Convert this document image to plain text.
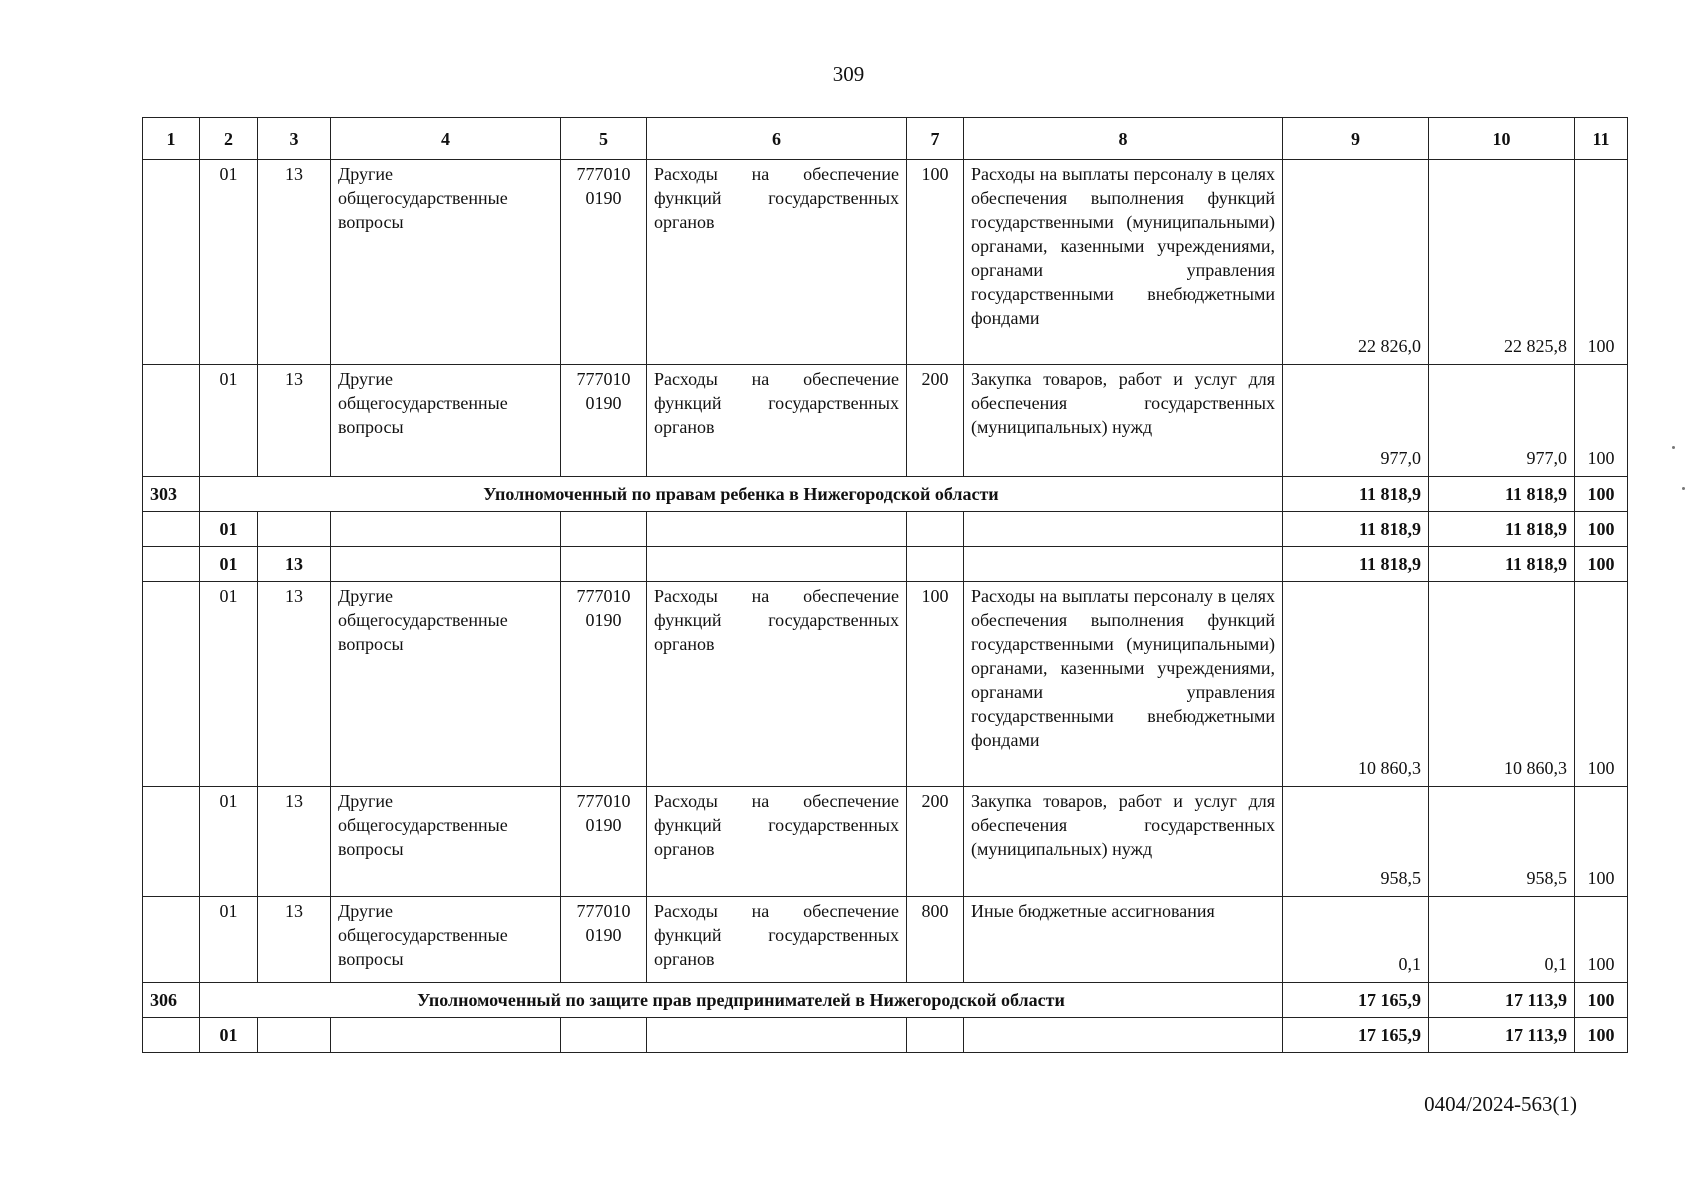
309
1	2	3	4	5	6	7	8	9	10	11
	01	13	Другие общегосударственные вопросы	777010 0190	Расходы на обеспечение функций государственных органов	100	Расходы на выплаты персоналу в целях обеспечения выполнения функций государственными (муниципальными) органами, казенными учреждениями, органами управления государственными внебюджетными фондами	22 826,0	22 825,8	100
	01	13	Другие общегосударственные вопросы	777010 0190	Расходы на обеспечение функций государственных органов	200	Закупка товаров, работ и услуг для обеспечения государственных (муниципальных) нужд	977,0	977,0	100
303	Уполномоченный по правам ребенка в Нижегородской области							11 818,9	11 818,9	100
	01							11 818,9	11 818,9	100
	01	13						11 818,9	11 818,9	100
	01	13	Другие общегосударственные вопросы	777010 0190	Расходы на обеспечение функций государственных органов	100	Расходы на выплаты персоналу в целях обеспечения выполнения функций государственными (муниципальными) органами, казенными учреждениями, органами управления государственными внебюджетными фондами	10 860,3	10 860,3	100
	01	13	Другие общегосударственные вопросы	777010 0190	Расходы на обеспечение функций государственных органов	200	Закупка товаров, работ и услуг для обеспечения государственных (муниципальных) нужд	958,5	958,5	100
	01	13	Другие общегосударственные вопросы	777010 0190	Расходы на обеспечение функций государственных органов	800	Иные бюджетные ассигнования	0,1	0,1	100
306	Уполномоченный по защите прав предпринимателей в Нижегородской области							17 165,9	17 113,9	100
	01							17 165,9	17 113,9	100
0404/2024-563(1)
